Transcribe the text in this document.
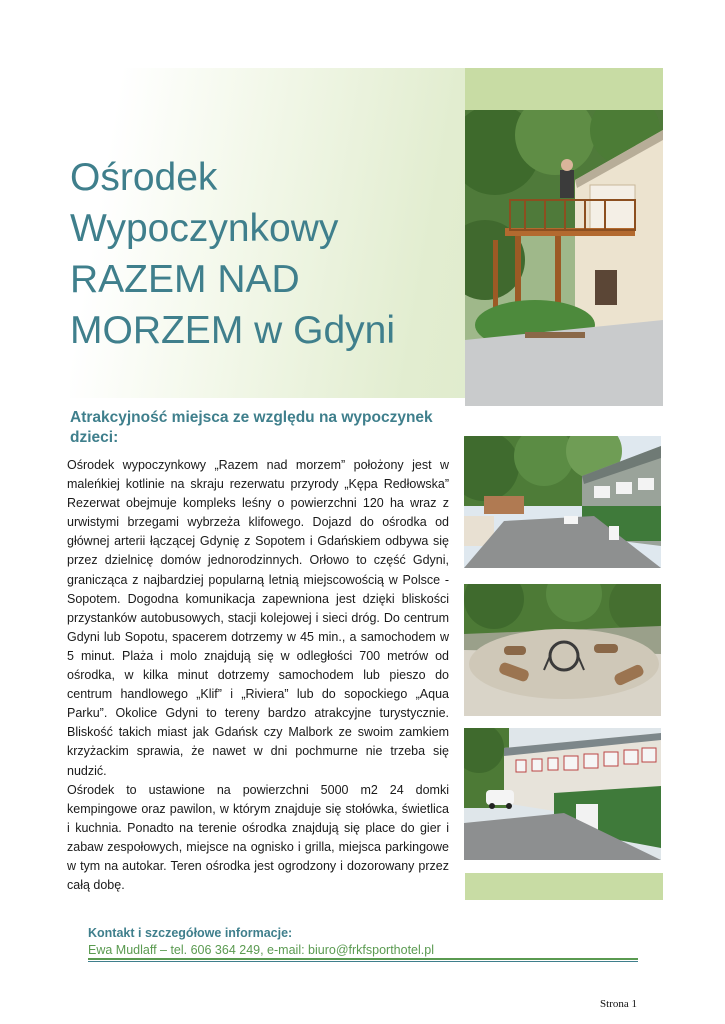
Ośrodek
Wypoczynkowy
RAZEM NAD
MORZEM w Gdyni
Atrakcyjność miejsca ze względu na wypoczynek dzieci:

Ośrodek wypoczynkowy „Razem nad morzem” położony jest w maleńkiej kotlinie na skraju rezerwatu przyrody „Kępa Redłowska” Rezerwat obejmuje kompleks leśny o powierzchni 120 ha wraz z urwistymi brzegami wybrzeża klifowego. Dojazd do ośrodka od głównej arterii łączącej Gdynię z Sopotem i Gdańskiem odbywa się przez dzielnicę domów jednorodzinnych. Orłowo to część Gdyni, granicząca z najbardziej popularną letnią miejscowością w Polsce - Sopotem. Dogodna komunikacja zapewniona jest dzięki bliskości przystanków autobusowych, stacji kolejowej i sieci dróg. Do centrum Gdyni lub Sopotu, spacerem dotrzemy w 45 min., a samochodem w 5 minut. Plaża i molo znajdują się w odległości 700 metrów od ośrodka, w kilka minut dotrzemy samochodem lub pieszo do centrum handlowego „Klif” i „Riviera” lub do sopockiego „Aqua Parku”. Okolice Gdyni to tereny bardzo atrakcyjne turystycznie. Bliskość takich miast jak Gdańsk czy Malbork ze swoim zamkiem krzyżackim sprawia, że nawet w dni pochmurne nie trzeba się nudzić.

Ośrodek to ustawione na powierzchni 5000 m2 24 domki kempingowe oraz pawilon, w którym znajduje się stołówka, świetlica i kuchnia. Ponadto na terenie ośrodka znajdują się place do gier i zabaw zespołowych, miejsce na ognisko i grilla, miejsca parkingowe w tym na autokar. Teren ośrodka jest ogrodzony i dozorowany przez całą dobę.

Kontakt i szczegółowe informacje:
Ewa Mudlaff – tel. 606 364 249, e-mail: biuro@frkfsporthotel.pl
Strona 1
